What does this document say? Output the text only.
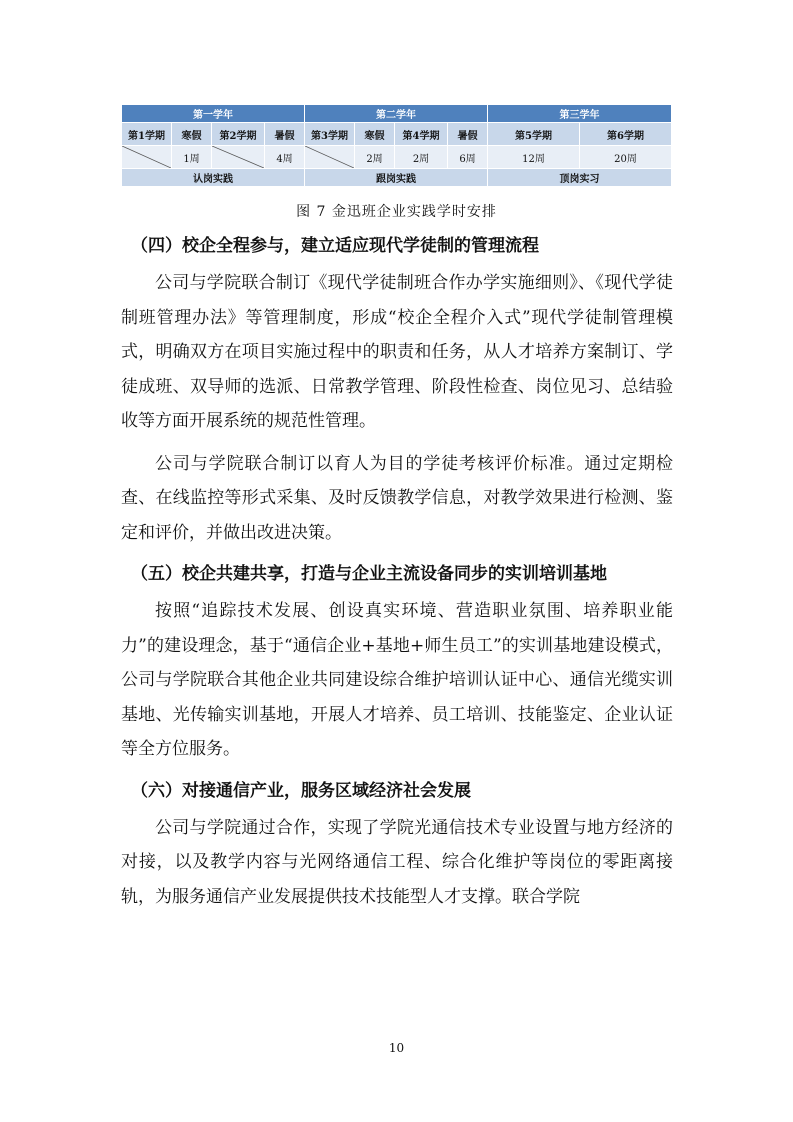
第一学年				第二学年				第三学年	
第1学期	寒假	第2学期	暑假	第3学期	寒假	第4学期	暑假	第5学期	第6学期

	1周		4周		2周	2周	6周	12周	20周
认岗实践				跟岗实践				顶岗实习	
图 7 金迅班企业实践学时安排
（四）校企全程参与，建立适应现代学徒制的管理流程

公司与学院联合制订《现代学徒制班合作办学实施细则》、《现代学徒制班管理办法》等管理制度，形成“校企全程介入式”现代学徒制管理模式，明确双方在项目实施过程中的职责和任务，从人才培养方案制订、学徒成班、双导师的选派、日常教学管理、阶段性检查、岗位见习、总结验收等方面开展系统的规范性管理。

公司与学院联合制订以育人为目的学徒考核评价标准。通过定期检查、在线监控等形式采集、及时反馈教学信息，对教学效果进行检测、鉴定和评价，并做出改进决策。

（五）校企共建共享，打造与企业主流设备同步的实训培训基地

按照“追踪技术发展、创设真实环境、营造职业氛围、培养职业能力”的建设理念，基于“通信企业+基地+师生员工”的实训基地建设模式，公司与学院联合其他企业共同建设综合维护培训认证中心、通信光缆实训基地、光传输实训基地，开展人才培养、员工培训、技能鉴定、企业认证等全方位服务。

（六）对接通信产业，服务区域经济社会发展

公司与学院通过合作，实现了学院光通信技术专业设置与地方经济的对接，以及教学内容与光网络通信工程、综合化维护等岗位的零距离接轨，为服务通信产业发展提供技术技能型人才支撑。联合学院

10
